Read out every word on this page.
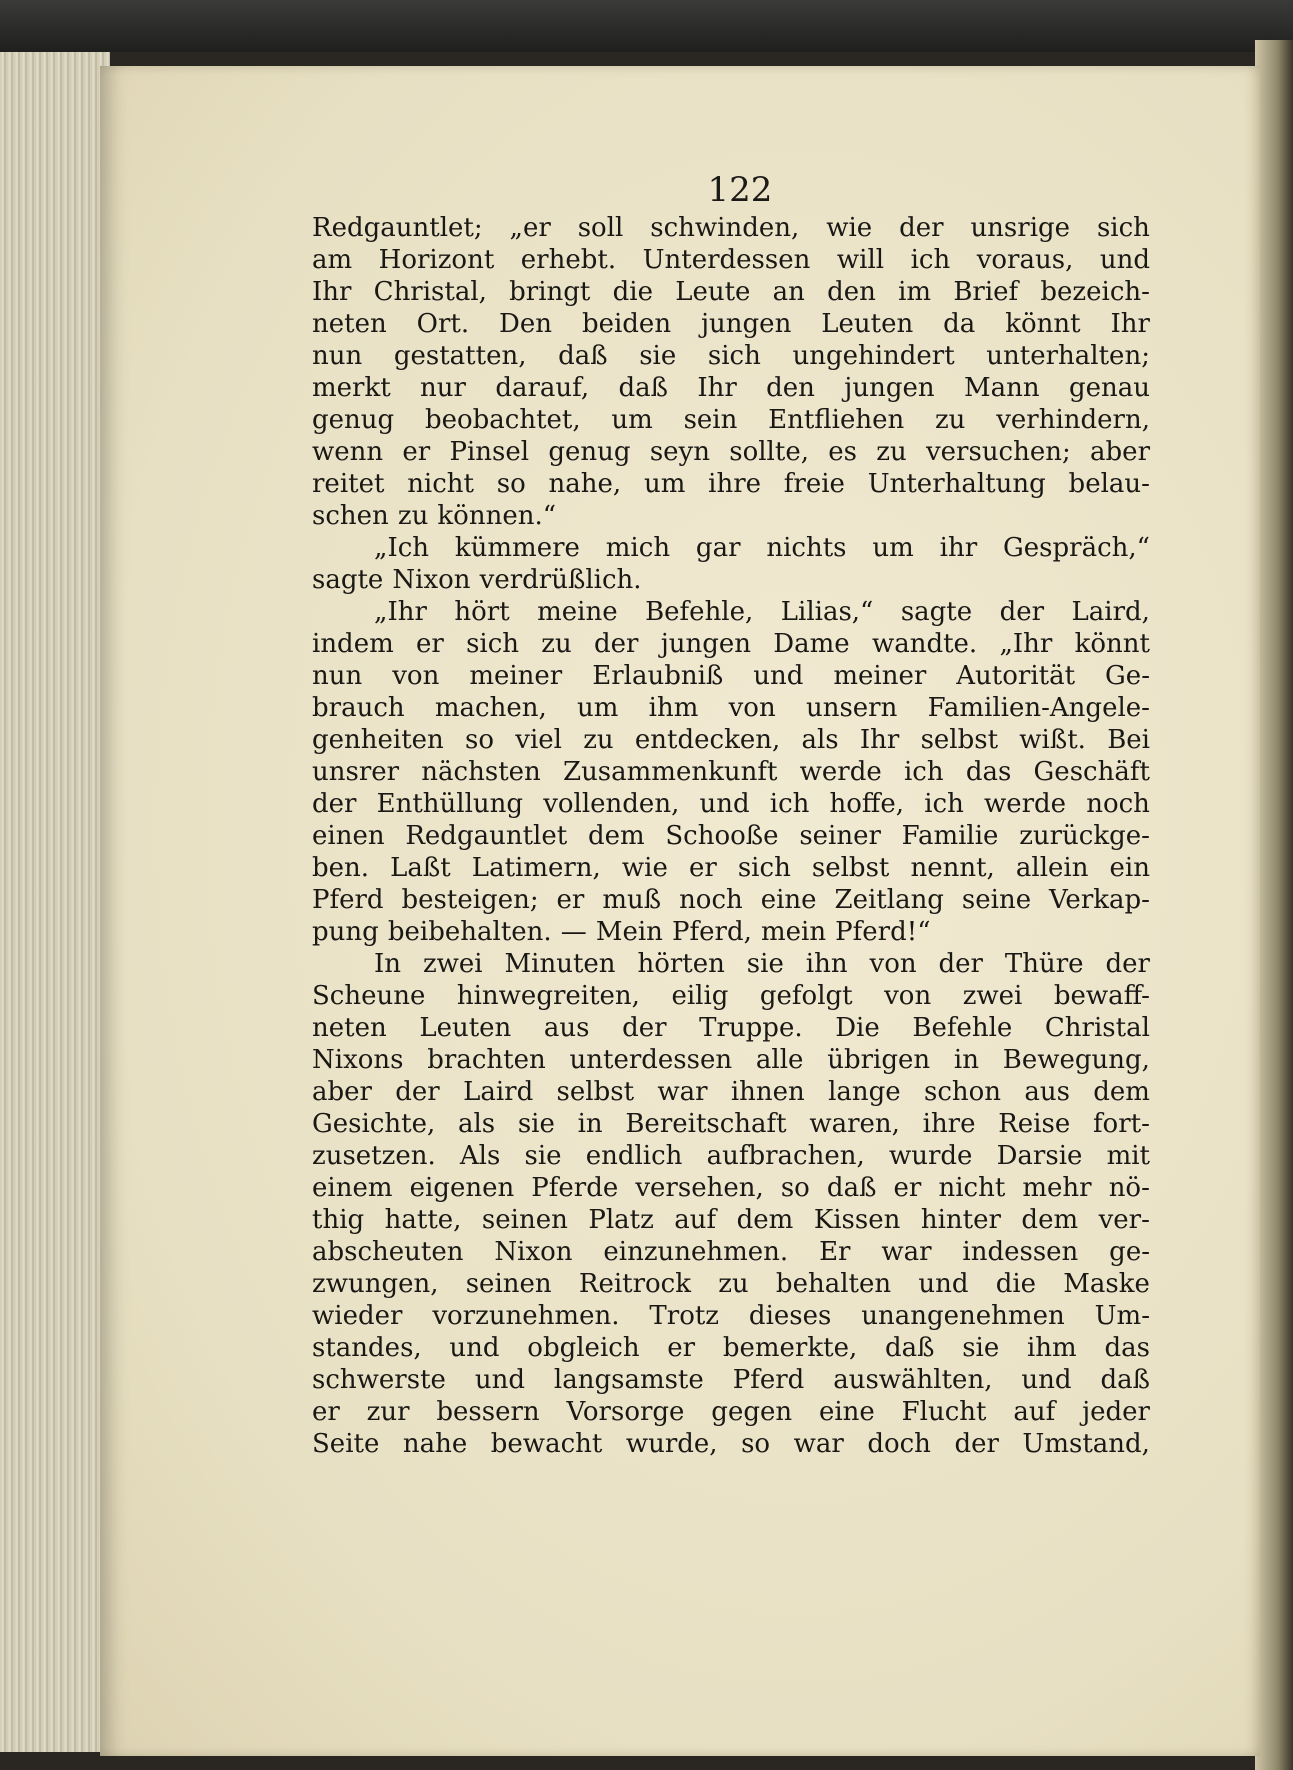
122
Redgauntlet; „er soll schwinden, wie der unsrige sich
am Horizont erhebt. Unterdessen will ich voraus, und
Ihr Christal, bringt die Leute an den im Brief bezeich-
neten Ort. Den beiden jungen Leuten da könnt Ihr
nun gestatten, daß sie sich ungehindert unterhalten;
merkt nur darauf, daß Ihr den jungen Mann genau
genug beobachtet, um sein Entfliehen zu verhindern,
wenn er Pinsel genug seyn sollte, es zu versuchen; aber
reitet nicht so nahe, um ihre freie Unterhaltung belau-
schen zu können.“
„Ich kümmere mich gar nichts um ihr Gespräch,“
sagte Nixon verdrüßlich.
„Ihr hört meine Befehle, Lilias,“ sagte der Laird,
indem er sich zu der jungen Dame wandte. „Ihr könnt
nun von meiner Erlaubniß und meiner Autorität Ge-
brauch machen, um ihm von unsern Familien-Angele-
genheiten so viel zu entdecken, als Ihr selbst wißt. Bei
unsrer nächsten Zusammenkunft werde ich das Geschäft
der Enthüllung vollenden, und ich hoffe, ich werde noch
einen Redgauntlet dem Schooße seiner Familie zurückge-
ben. Laßt Latimern, wie er sich selbst nennt, allein ein
Pferd besteigen; er muß noch eine Zeitlang seine Verkap-
pung beibehalten. — Mein Pferd, mein Pferd!“
In zwei Minuten hörten sie ihn von der Thüre der
Scheune hinwegreiten, eilig gefolgt von zwei bewaff-
neten Leuten aus der Truppe. Die Befehle Christal
Nixons brachten unterdessen alle übrigen in Bewegung,
aber der Laird selbst war ihnen lange schon aus dem
Gesichte, als sie in Bereitschaft waren, ihre Reise fort-
zusetzen. Als sie endlich aufbrachen, wurde Darsie mit
einem eigenen Pferde versehen, so daß er nicht mehr nö-
thig hatte, seinen Platz auf dem Kissen hinter dem ver-
abscheuten Nixon einzunehmen. Er war indessen ge-
zwungen, seinen Reitrock zu behalten und die Maske
wieder vorzunehmen. Trotz dieses unangenehmen Um-
standes, und obgleich er bemerkte, daß sie ihm das
schwerste und langsamste Pferd auswählten, und daß
er zur bessern Vorsorge gegen eine Flucht auf jeder
Seite nahe bewacht wurde, so war doch der Umstand,
